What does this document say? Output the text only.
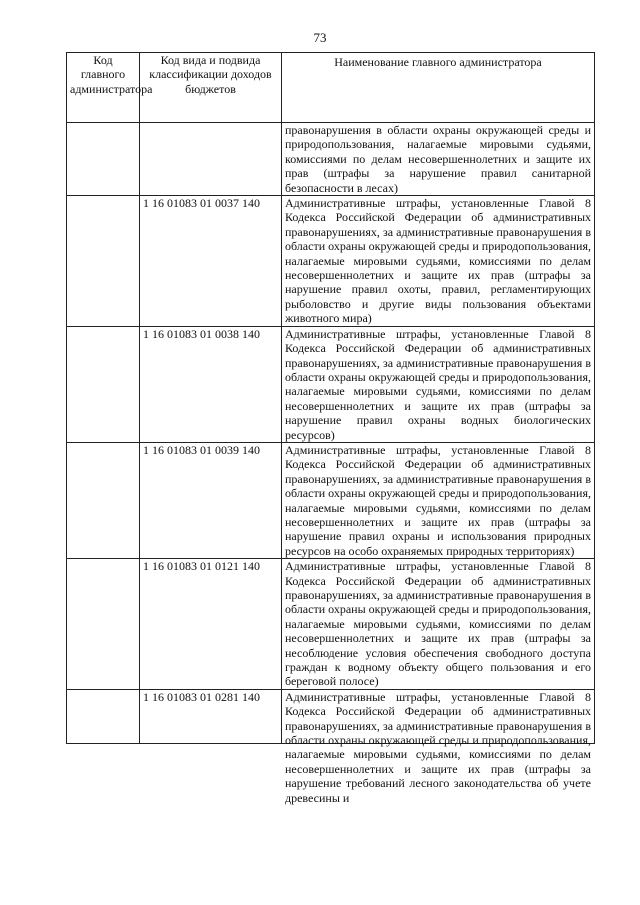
73
Код главного администратора	Код вида и подвида классификации доходов бюджетов	Наименование главного администратора
		правонарушения в области охраны окружающей среды и природопользования, налагаемые мировыми судьями, комиссиями по делам несовершеннолетних и защите их прав (штрафы за нарушение правил санитарной безопасности в лесах)
	1 16 01083 01 0037 140	Административные штрафы, установленные Главой 8 Кодекса Российской Федерации об административных правонарушениях, за административные правонарушения в области охраны окружающей среды и природопользования, налагаемые мировыми судьями, комиссиями по делам несовершеннолетних и защите их прав (штрафы за нарушение правил охоты, правил, регламентирующих рыболовство и другие виды пользования объектами животного мира)
	1 16 01083 01 0038 140	Административные штрафы, установленные Главой 8 Кодекса Российской Федерации об административных правонарушениях, за административные правонарушения в области охраны окружающей среды и природопользования, налагаемые мировыми судьями, комиссиями по делам несовершеннолетних и защите их прав (штрафы за нарушение правил охраны водных биологических ресурсов)
	1 16 01083 01 0039 140	Административные штрафы, установленные Главой 8 Кодекса Российской Федерации об административных правонарушениях, за административные правонарушения в области охраны окружающей среды и природопользования, налагаемые мировыми судьями, комиссиями по делам несовершеннолетних и защите их прав (штрафы за нарушение правил охраны и использования природных ресурсов на особо охраняемых природных территориях)
	1 16 01083 01 0121 140	Административные штрафы, установленные Главой 8 Кодекса Российской Федерации об административных правонарушениях, за административные правонарушения в области охраны окружающей среды и природопользования, налагаемые мировыми судьями, комиссиями по делам несовершеннолетних и защите их прав (штрафы за несоблюдение условия обеспечения свободного доступа граждан к водному объекту общего пользования и его береговой полосе)
	1 16 01083 01 0281 140	Административные штрафы, установленные Главой 8 Кодекса Российской Федерации об административных правонарушениях, за административные правонарушения в области охраны окружающей среды и природопользования, налагаемые мировыми судьями, комиссиями по делам несовершеннолетних и защите их прав (штрафы за нарушение требований лесного законодательства об учете древесины и
